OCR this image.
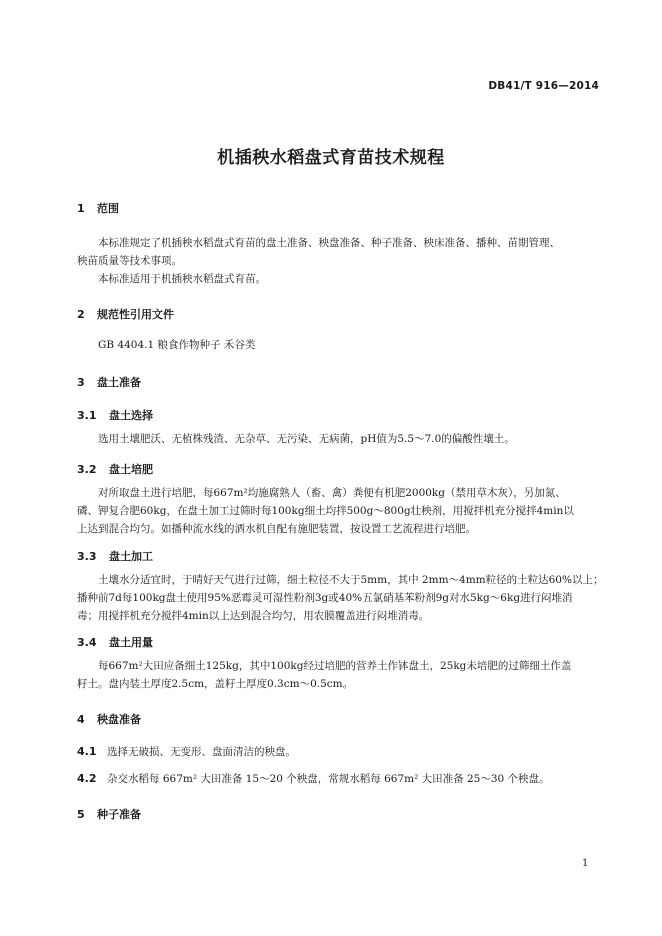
DB41/T 916—2014
机插秧水稻盘式育苗技术规程
1 范围
本标准规定了机插秧水稻盘式育苗的盘土准备、秧盘准备、种子准备、秧床准备、播种、苗期管理、
秧苗质量等技术事项。
本标准适用于机插秧水稻盘式育苗。
2 规范性引用文件
GB 4404.1 粮食作物种子 禾谷类
3 盘土准备
3.1 盘土选择
选用土壤肥沃、无植株残渣、无杂草、无污染、无病菌，pH值为5.5～7.0的偏酸性壤土。
3.2 盘土培肥
对所取盘土进行培肥，每667m²均施腐熟人（畜、禽）粪便有机肥2000kg（禁用草木灰），另加氮、
磷、钾复合肥60kg，在盘土加工过筛时每100kg细土均拌500g～800g壮秧剂，用搅拌机充分搅拌4min以
上达到混合均匀。如播种流水线的洒水机自配有施肥装置，按设置工艺流程进行培肥。
3.3 盘土加工
土壤水分适宜时，于晴好天气进行过筛，细土粒径不大于5mm，其中 2mm～4mm粒径的土粒达60%以上；
播种前7d每100kg盘土使用95%恶霉灵可湿性粉剂3g或40%五氯硝基苯粉剂9g对水5kg～6kg进行闷堆消
毒；用搅拌机充分搅拌4min以上达到混合均匀，用农膜覆盖进行闷堆消毒。
3.4 盘土用量
每667m²大田应备细土125kg，其中100kg经过培肥的营养土作钵盘土，25kg未培肥的过筛细土作盖
籽土。盘内装土厚度2.5cm，盖籽土厚度0.3cm～0.5cm。
4 秧盘准备
4.1 选择无破损、无变形、盘面清洁的秧盘。
4.2 杂交水稻每 667m² 大田准备 15～20 个秧盘，常规水稻每 667m² 大田准备 25～30 个秧盘。
5 种子准备
1
